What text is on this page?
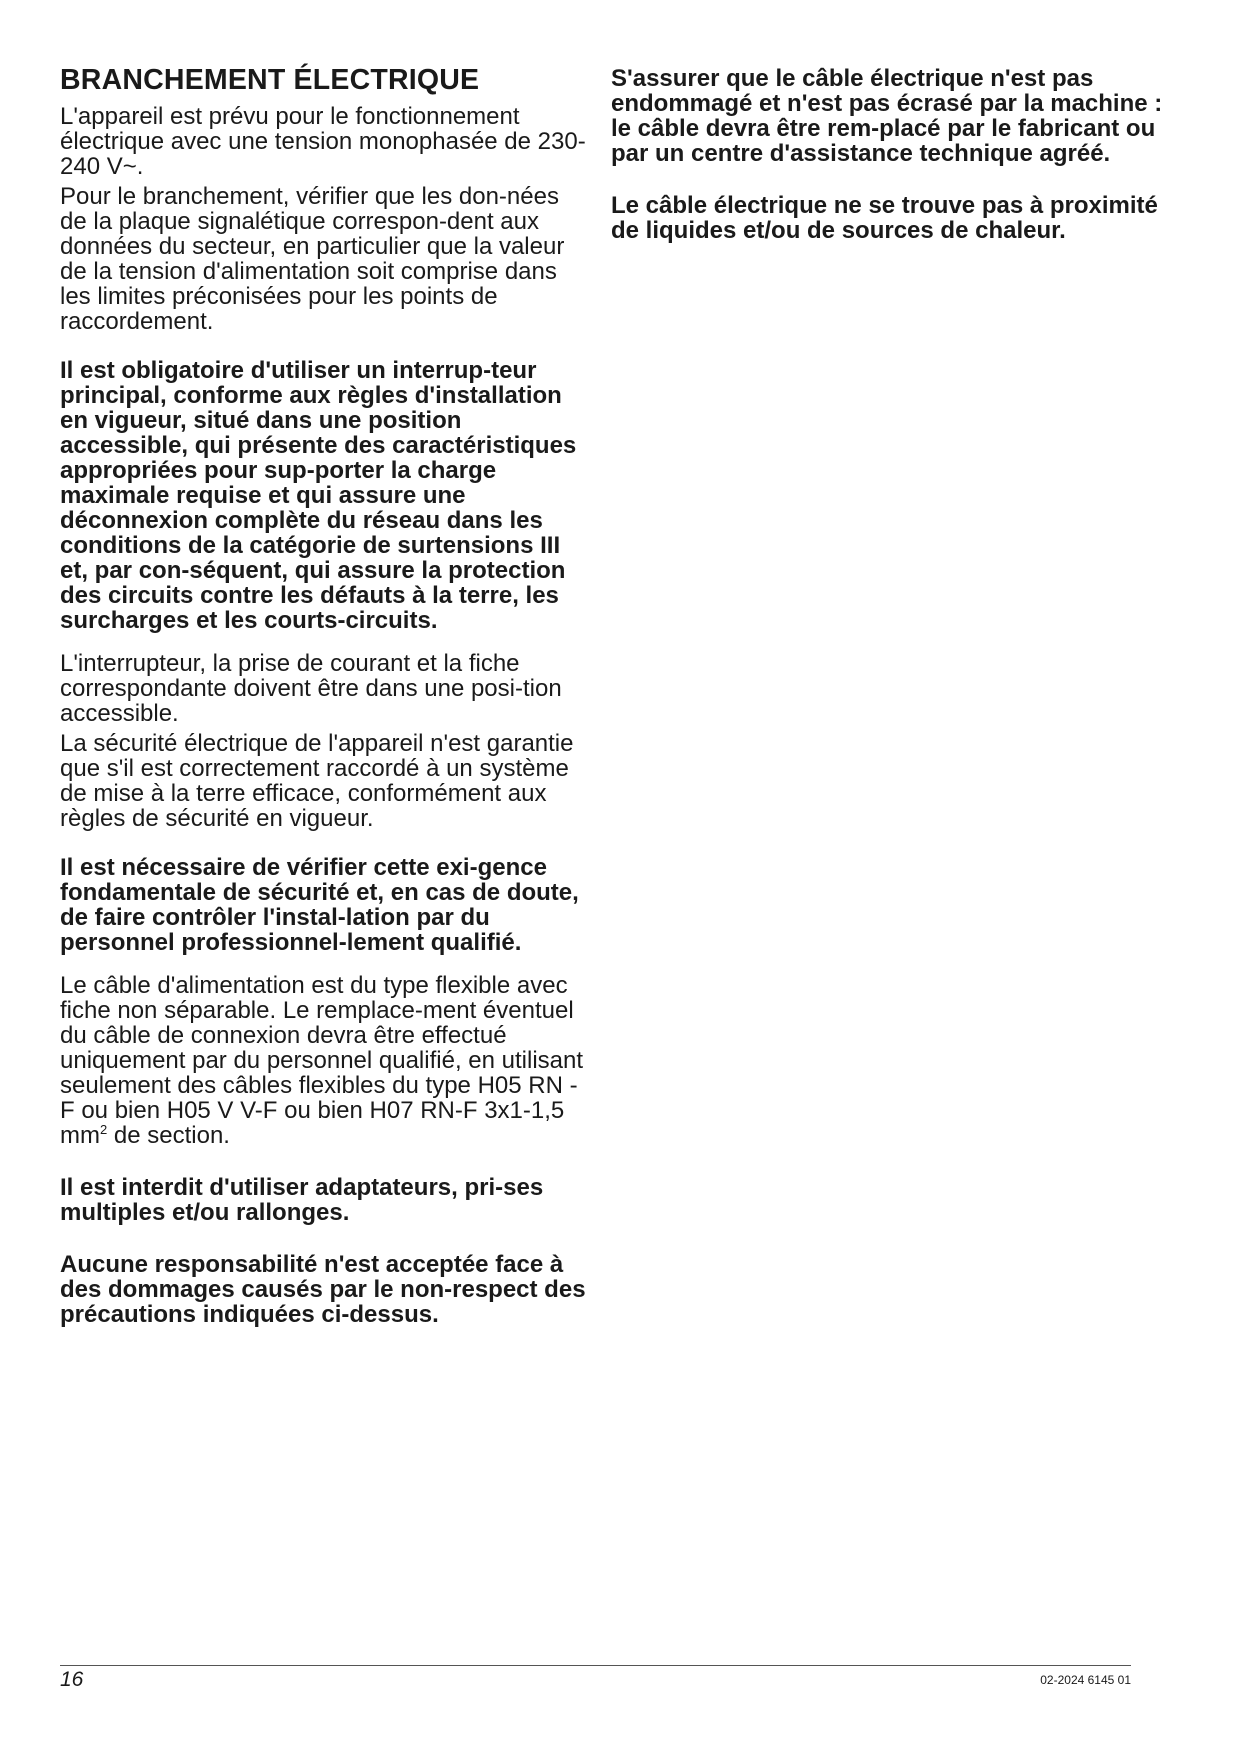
BRANCHEMENT ÉLECTRIQUE

L'appareil est prévu pour le fonctionnement électrique avec une tension monophasée de 230-240 V~.

Pour le branchement, vérifier que les don-nées de la plaque signalétique correspon-dent aux données du secteur, en particulier que la valeur de la tension d'alimentation soit comprise dans les limites préconisées pour les points de raccordement.

Il est obligatoire d'utiliser un interrup-teur principal, conforme aux règles d'installation en vigueur, situé dans une position accessible, qui présente des caractéristiques appropriées pour sup-porter la charge maximale requise et qui assure une déconnexion complète du réseau dans les conditions de la catégorie de surtensions III et, par con-séquent, qui assure la protection des circuits contre les défauts à la terre, les surcharges et les courts-circuits.

L'interrupteur, la prise de courant et la fiche correspondante doivent être dans une posi-tion accessible.

La sécurité électrique de l'appareil n'est garantie que s'il est correctement raccordé à un système de mise à la terre efficace, conformément aux règles de sécurité en vigueur.

Il est nécessaire de vérifier cette exi-gence fondamentale de sécurité et, en cas de doute, de faire contrôler l'instal-lation par du personnel professionnel-lement qualifié.

Le câble d'alimentation est du type flexible avec fiche non séparable. Le remplace-ment éventuel du câble de connexion devra être effectué uniquement par du personnel qualifié, en utilisant seulement des câbles flexibles du type H05 RN - F ou bien H05 V V-F ou bien H07 RN-F 3x1-1,5 $mm^2$ de section.

Il est interdit d'utiliser adaptateurs, pri-ses multiples et/ou rallonges.

Aucune responsabilité n'est acceptée face à des dommages causés par le non-respect des précautions indiquées ci-dessus.

S'assurer que le câble électrique n'est pas endommagé et n'est pas écrasé par la machine : le câble devra être rem-placé par le fabricant ou par un centre d'assistance technique agréé.

Le câble électrique ne se trouve pas à proximité de liquides et/ou de sources de chaleur.

16	02-2024 6145 01
